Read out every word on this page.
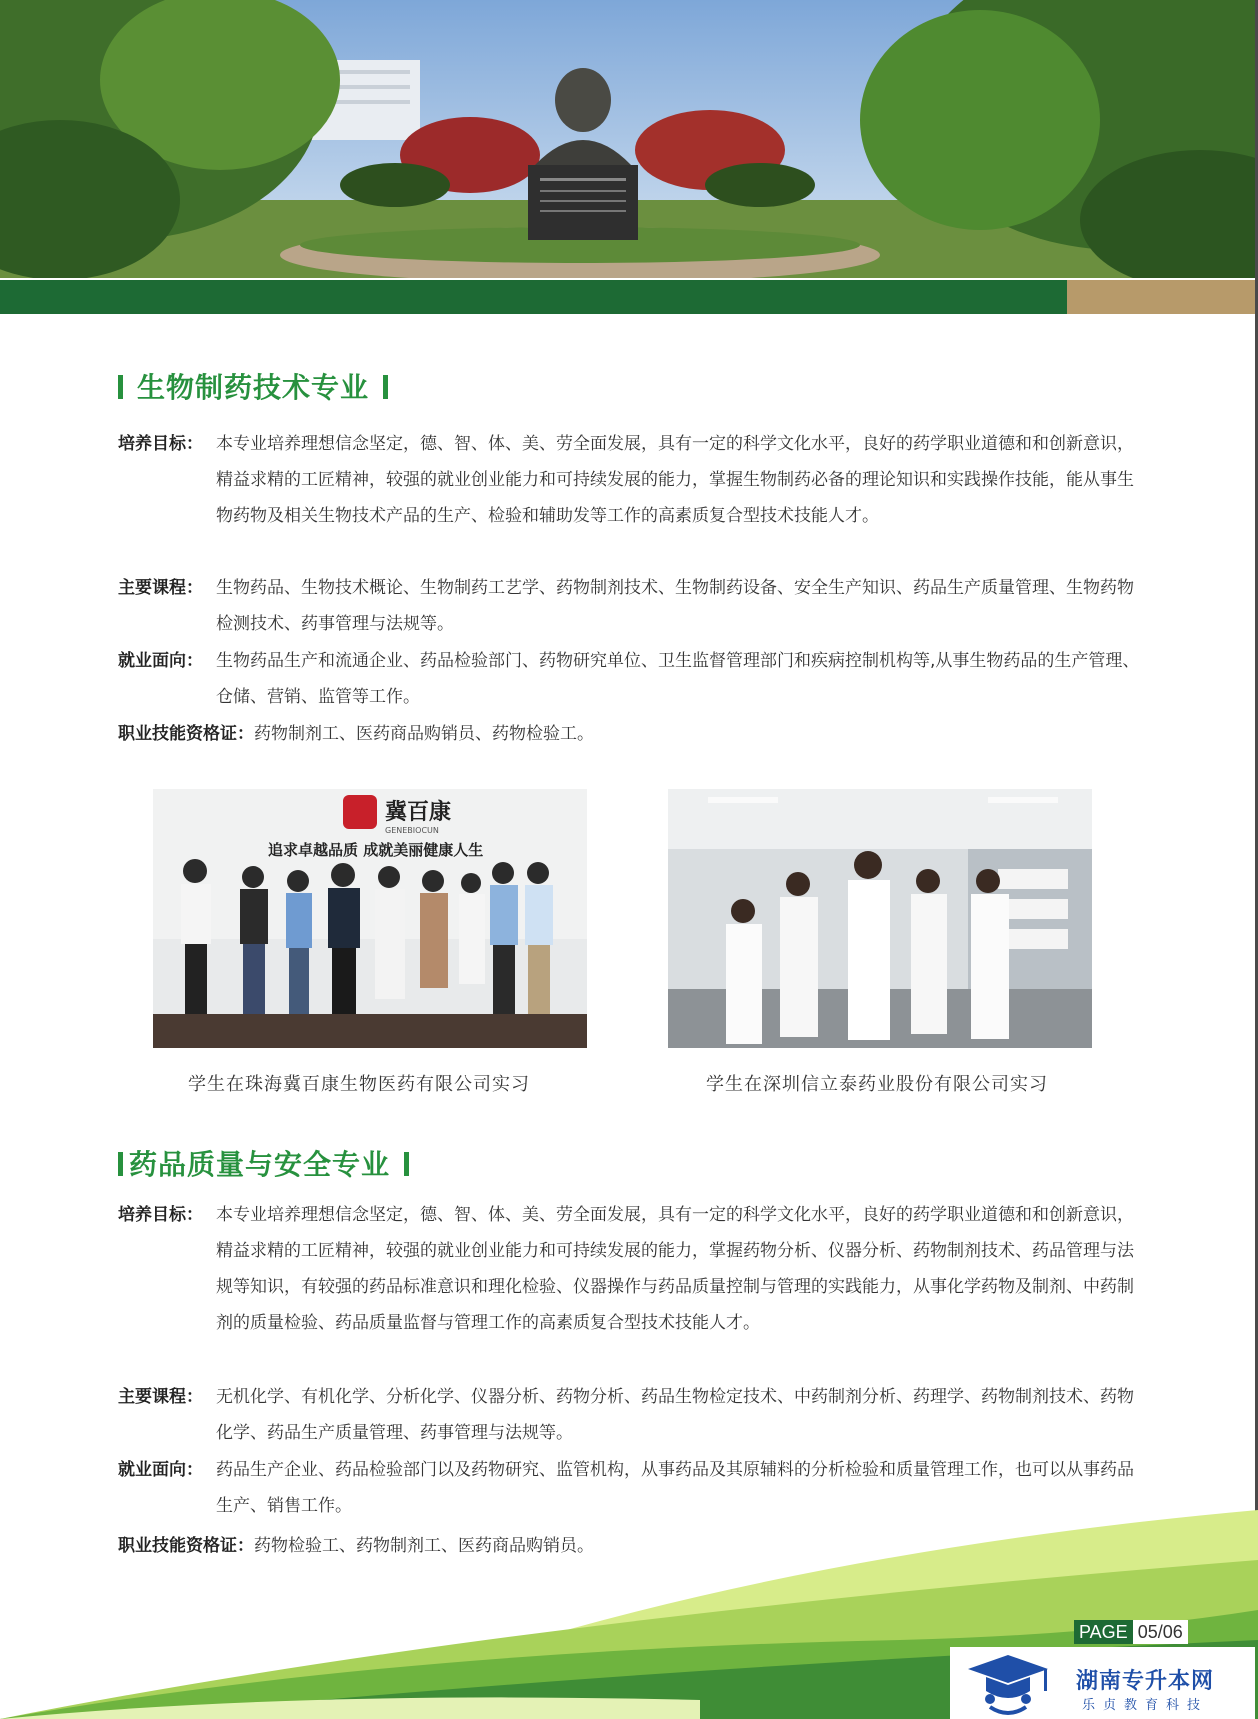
生物制药技术专业
培养目标： 本专业培养理想信念坚定，德、智、体、美、劳全面发展，具有一定的科学文化水平，良好的药学职业道德和和创新意识，精益求精的工匠精神，较强的就业创业能力和可持续发展的能力，掌握生物制药必备的理论知识和实践操作技能，能从事生物药物及相关生物技术产品的生产、检验和辅助发等工作的高素质复合型技术技能人才。
主要课程： 生物药品、生物技术概论、生物制药工艺学、药物制剂技术、生物制药设备、安全生产知识、药品生产质量管理、生物药物检测技术、药事管理与法规等。
就业面向： 生物药品生产和流通企业、药品检验部门、药物研究单位、卫生监督管理部门和疾病控制机构等,从事生物药品的生产管理、仓储、营销、监管等工作。
职业技能资格证：药物制剂工、医药商品购销员、药物检验工。
冀百康
GENEBIOCUN
追求卓越品质 成就美丽健康人生
学生在珠海冀百康生物医药有限公司实习	学生在深圳信立泰药业股份有限公司实习
药品质量与安全专业
培养目标： 本专业培养理想信念坚定，德、智、体、美、劳全面发展，具有一定的科学文化水平，良好的药学职业道德和和创新意识，精益求精的工匠精神，较强的就业创业能力和可持续发展的能力，掌握药物分析、仪器分析、药物制剂技术、药品管理与法规等知识，有较强的药品标准意识和理化检验、仪器操作与药品质量控制与管理的实践能力，从事化学药物及制剂、中药制剂的质量检验、药品质量监督与管理工作的高素质复合型技术技能人才。
主要课程： 无机化学、有机化学、分析化学、仪器分析、药物分析、药品生物检定技术、中药制剂分析、药理学、药物制剂技术、药物化学、药品生产质量管理、药事管理与法规等。
就业面向： 药品生产企业、药品检验部门以及药物研究、监管机构，从事药品及其原辅料的分析检验和质量管理工作，也可以从事药品生产、销售工作。
职业技能资格证：药物检验工、药物制剂工、医药商品购销员。
湖南专升本网
乐贞教育科技
PAGE 05/06
